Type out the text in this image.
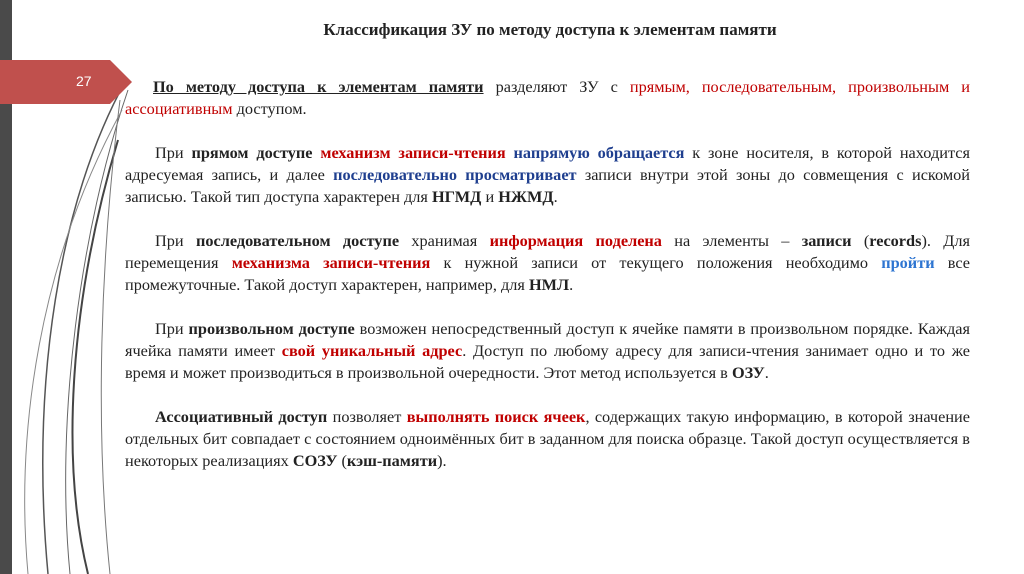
27
Классификация ЗУ по методу доступа к элементам памяти

По методу доступа к элементам памяти разделяют ЗУ с прямым, последовательным, произвольным и ассоциативным доступом.

При прямом доступе механизм записи-чтения напрямую обращается к зоне носителя, в которой находится адресуемая запись, и далее последовательно просматривает записи внутри этой зоны до совмещения с искомой записью. Такой тип доступа характерен для НГМД и НЖМД.

При последовательном доступе хранимая информация поделена на элементы – записи (records). Для перемещения механизма записи-чтения к нужной записи от текущего положения необходимо пройти все промежуточные. Такой доступ характерен, например, для НМЛ.

При произвольном доступе возможен непосредственный доступ к ячейке памяти в произвольном порядке. Каждая ячейка памяти имеет свой уникальный адрес. Доступ по любому адресу для записи-чтения занимает одно и то же время и может производиться в произвольной очередности. Этот метод используется в ОЗУ.

Ассоциативный доступ позволяет выполнять поиск ячеек, содержащих такую информацию, в которой значение отдельных бит совпадает с состоянием одноимённых бит в заданном для поиска образце. Такой доступ осуществляется в некоторых реализациях СОЗУ (кэш-памяти).
